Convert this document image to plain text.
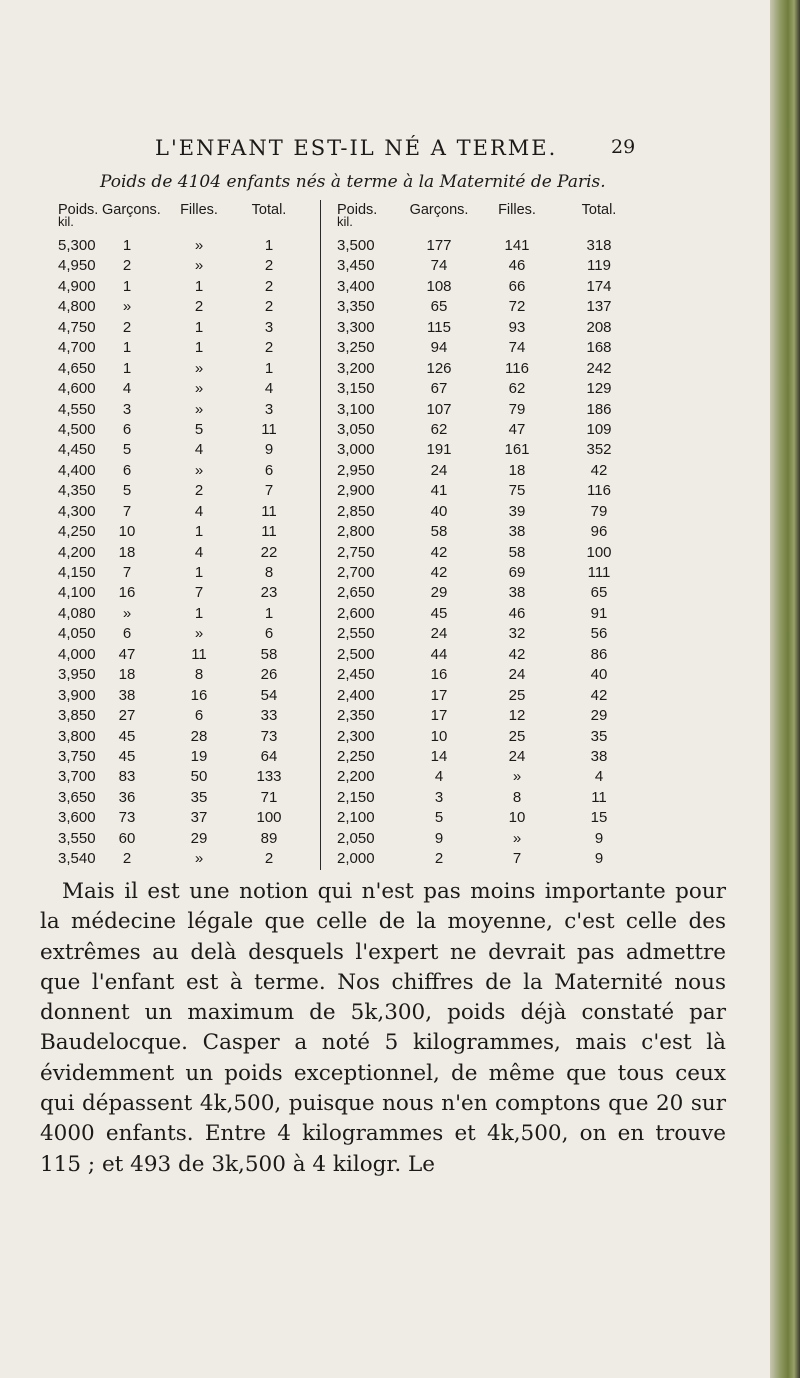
L'ENFANT EST-IL NÉ A TERME.	29
Poids de 4104 enfants nés à terme à la Maternité de Paris.
Poids. Garçons.	Filles.	Total.
kil.
5,300	1	»	1
4,950	2	»	2
4,900	1	1	2
4,800	»	2	2
4,750	2	1	3
4,700	1	1	2
4,650	1	»	1
4,600	4	»	4
4,550	3	»	3
4,500	6	5	11
4,450	5	4	9
4,400	6	»	6
4,350	5	2	7
4,300	7	4	11
4,250	10	1	11
4,200	18	4	22
4,150	7	1	8
4,100	16	7	23
4,080	»	1	1
4,050	6	»	6
4,000	47	11	58
3,950	18	8	26
3,900	38	16	54
3,850	27	6	33
3,800	45	28	73
3,750	45	19	64
3,700	83	50	133
3,650	36	35	71
3,600	73	37	100
3,550	60	29	89
3,540	2	»	2
Poids.	Garçons.	Filles.	Total.
kil.
3,500	177	141	318
3,450	74	46	119
3,400	108	66	174
3,350	65	72	137
3,300	115	93	208
3,250	94	74	168
3,200	126	116	242
3,150	67	62	129
3,100	107	79	186
3,050	62	47	109
3,000	191	161	352
2,950	24	18	42
2,900	41	75	116
2,850	40	39	79
2,800	58	38	96
2,750	42	58	100
2,700	42	69	111
2,650	29	38	65
2,600	45	46	91
2,550	24	32	56
2,500	44	42	86
2,450	16	24	40
2,400	17	25	42
2,350	17	12	29
2,300	10	25	35
2,250	14	24	38
2,200	4	»	4
2,150	3	8	11
2,100	5	10	15
2,050	9	»	9
2,000	2	7	9

Mais il est une notion qui n'est pas moins importante pour la médecine légale que celle de la moyenne, c'est celle des extrêmes au delà desquels l'expert ne devrait pas admettre que l'enfant est à terme. Nos chiffres de la Maternité nous donnent un maximum de 5k,300, poids déjà constaté par Baudelocque. Casper a noté 5 kilogrammes, mais c'est là évidemment un poids exceptionnel, de même que tous ceux qui dépassent 4k,500, puisque nous n'en comptons que 20 sur 4000 enfants. Entre 4 kilogrammes et 4k,500, on en trouve 115 ; et 493 de 3k,500 à 4 kilogr. Le
